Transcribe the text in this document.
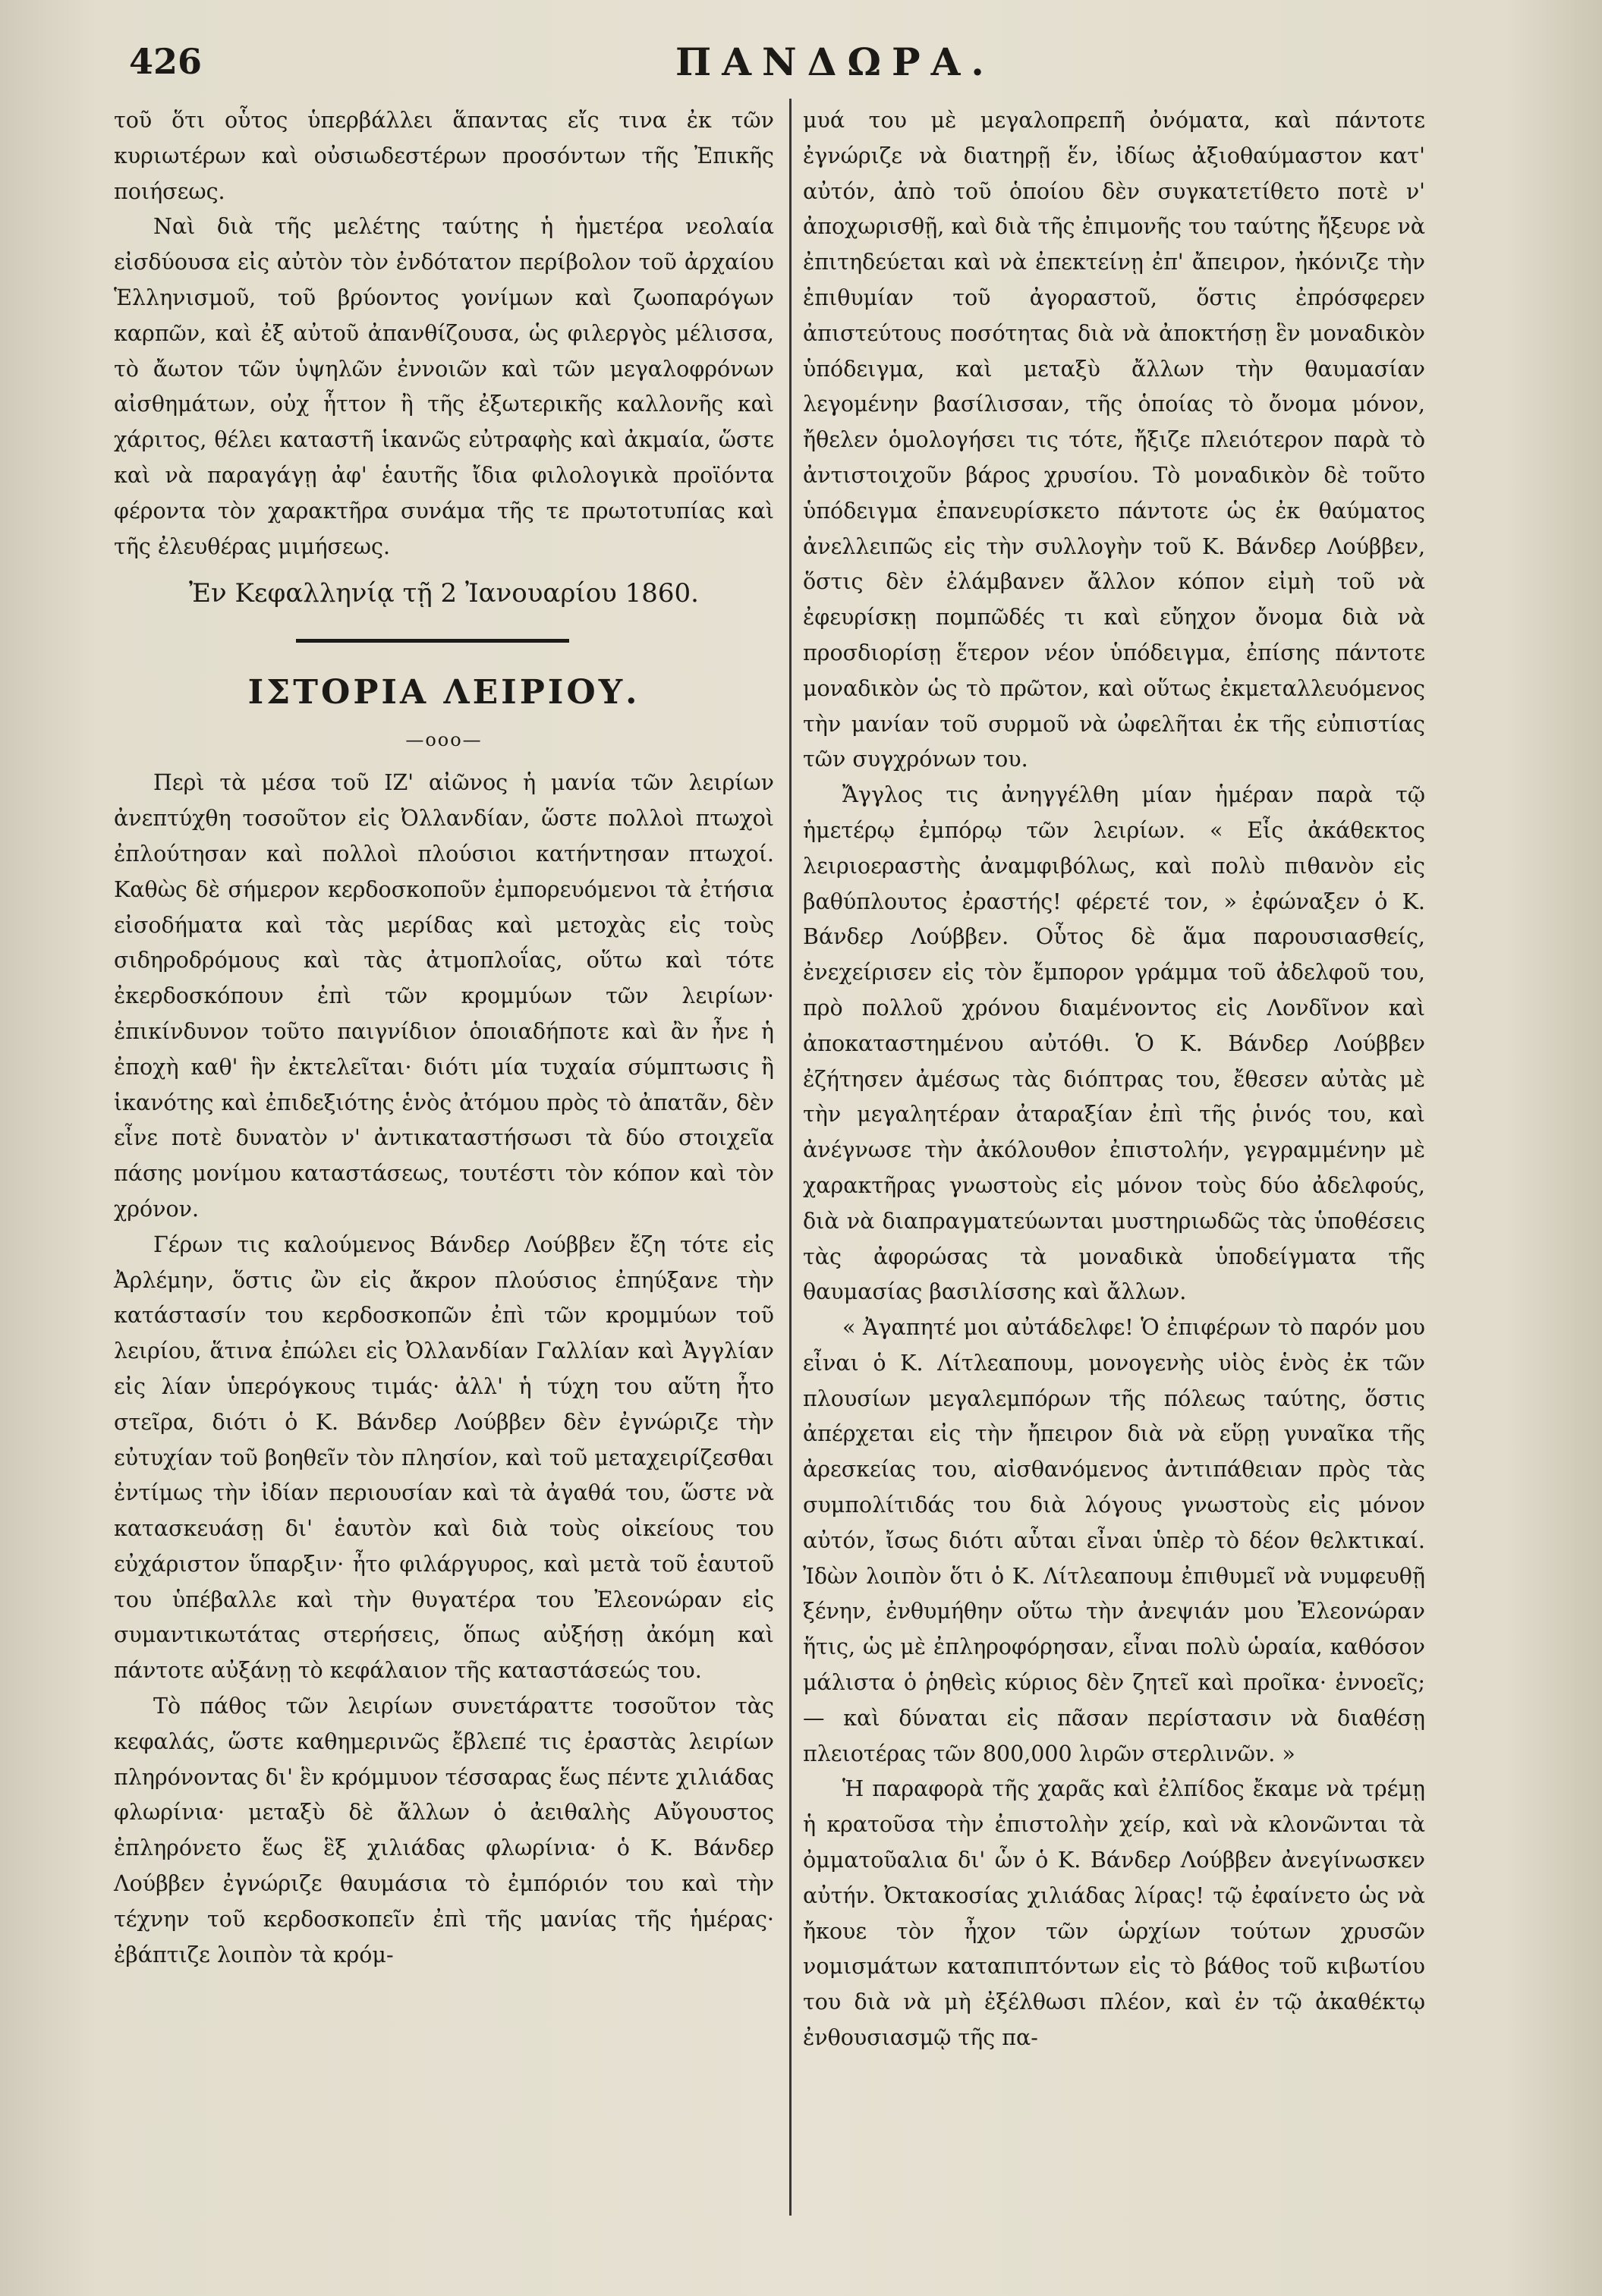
426	ΠΑΝΔΩΡΑ.

τοῦ ὅτι οὗτος ὑπερβάλλει ἅπαντας εἴς τινα ἐκ τῶν κυριωτέρων καὶ οὐσιωδεστέρων προσόντων τῆς Ἐπικῆς ποιήσεως.

Ναὶ διὰ τῆς μελέτης ταύτης ἡ ἡμετέρα νεολαία εἰσδύουσα εἰς αὐτὸν τὸν ἐνδότατον περίβολον τοῦ ἀρχαίου Ἑλληνισμοῦ, τοῦ βρύοντος γονίμων καὶ ζωοπαρόγων καρπῶν, καὶ ἐξ αὐτοῦ ἀπανθίζουσα, ὡς φιλεργὸς μέλισσα, τὸ ἄωτον τῶν ὑψηλῶν ἐννοιῶν καὶ τῶν μεγαλοφρόνων αἰσθημάτων, οὐχ ἧττον ἢ τῆς ἐξωτερικῆς καλλονῆς καὶ χάριτος, θέλει καταστῆ ἱκανῶς εὐτραφὴς καὶ ἀκμαία, ὥστε καὶ νὰ παραγάγῃ ἀφ' ἑαυτῆς ἴδια φιλολογικὰ προϊόντα φέροντα τὸν χαρακτῆρα συνάμα τῆς τε πρωτοτυπίας καὶ τῆς ἐλευθέρας μιμήσεως.

Ἐν Κεφαλληνίᾳ τῇ 2 Ἰανουαρίου 1860.

ΙΣΤΟΡΙΑ ΛΕΙΡΙΟΥ.

—ooo—

Περὶ τὰ μέσα τοῦ ΙΖ' αἰῶνος ἡ μανία τῶν λειρίων ἀνεπτύχθη τοσοῦτον εἰς Ὀλλανδίαν, ὥστε πολλοὶ πτωχοὶ ἐπλούτησαν καὶ πολλοὶ πλούσιοι κατήντησαν πτωχοί. Καθὼς δὲ σήμερον κερδοσκοποῦν ἐμπορευόμενοι τὰ ἐτήσια εἰσοδήματα καὶ τὰς μερίδας καὶ μετοχὰς εἰς τοὺς σιδηροδρόμους καὶ τὰς ἀτμοπλοΐας, οὕτω καὶ τότε ἐκερδοσκόπουν ἐπὶ τῶν κρομμύων τῶν λειρίων· ἐπικίνδυνον τοῦτο παιγνίδιον ὁποιαδήποτε καὶ ἂν ἦνε ἡ ἐποχὴ καθ' ἣν ἐκτελεῖται· διότι μία τυχαία σύμπτωσις ἢ ἱκανότης καὶ ἐπιδεξιότης ἑνὸς ἀτόμου πρὸς τὸ ἀπατᾶν, δὲν εἶνε ποτὲ δυνατὸν ν' ἀντικαταστήσωσι τὰ δύο στοιχεῖα πάσης μονίμου καταστάσεως, τουτέστι τὸν κόπον καὶ τὸν χρόνον.

Γέρων τις καλούμενος Βάνδερ Λούββεν ἔζη τότε εἰς Ἀρλέμην, ὅστις ὢν εἰς ἄκρον πλούσιος ἐπηύξανε τὴν κατάστασίν του κερδοσκοπῶν ἐπὶ τῶν κρομμύων τοῦ λειρίου, ἅτινα ἐπώλει εἰς Ὀλλανδίαν Γαλλίαν καὶ Ἀγγλίαν εἰς λίαν ὑπερόγκους τιμάς· ἀλλ' ἡ τύχη του αὕτη ἦτο στεῖρα, διότι ὁ Κ. Βάνδερ Λούββεν δὲν ἐγνώριζε τὴν εὐτυχίαν τοῦ βοηθεῖν τὸν πλησίον, καὶ τοῦ μεταχειρίζεσθαι ἐντίμως τὴν ἰδίαν περιουσίαν καὶ τὰ ἀγαθά του, ὥστε νὰ κατασκευάσῃ δι' ἑαυτὸν καὶ διὰ τοὺς οἰκείους του εὐχάριστον ὕπαρξιν· ἦτο φιλάργυρος, καὶ μετὰ τοῦ ἑαυτοῦ του ὑπέβαλλε καὶ τὴν θυγατέρα του Ἐλεονώραν εἰς συμαντικωτάτας στερήσεις, ὅπως αὐξήσῃ ἀκόμη καὶ πάντοτε αὐξάνῃ τὸ κεφάλαιον τῆς καταστάσεώς του.

Τὸ πάθος τῶν λειρίων συνετάραττε τοσοῦτον τὰς κεφαλάς, ὥστε καθημερινῶς ἔβλεπέ τις ἐραστὰς λειρίων πληρόνοντας δι' ἓν κρόμμυον τέσσαρας ἕως πέντε χιλιάδας φλωρίνια· μεταξὺ δὲ ἄλλων ὁ ἀειθαλὴς Αὔγουστος ἐπληρόνετο ἕως ἓξ χιλιάδας φλωρίνια· ὁ Κ. Βάνδερ Λούββεν ἐγνώριζε θαυμάσια τὸ ἐμπόριόν του καὶ τὴν τέχνην τοῦ κερδοσκοπεῖν ἐπὶ τῆς μανίας τῆς ἡμέρας· ἐβάπτιζε λοιπὸν τὰ κρόμ-

μυά του μὲ μεγαλοπρεπῆ ὀνόματα, καὶ πάντοτε ἐγνώριζε νὰ διατηρῇ ἕν, ἰδίως ἀξιοθαύμαστον κατ' αὐτόν, ἀπὸ τοῦ ὁποίου δὲν συγκατετίθετο ποτὲ ν' ἀποχωρισθῇ, καὶ διὰ τῆς ἐπιμονῆς του ταύτης ἤξευρε νὰ ἐπιτηδεύεται καὶ νὰ ἐπεκτείνῃ ἐπ' ἄπειρον, ἠκόνιζε τὴν ἐπιθυμίαν τοῦ ἀγοραστοῦ, ὅστις ἐπρόσφερεν ἀπιστεύτους ποσότητας διὰ νὰ ἀποκτήσῃ ἓν μοναδικὸν ὑπόδειγμα, καὶ μεταξὺ ἄλλων τὴν θαυμασίαν λεγομένην βασίλισσαν, τῆς ὁποίας τὸ ὄνομα μόνον, ἤθελεν ὁμολογήσει τις τότε, ἤξιζε πλειότερον παρὰ τὸ ἀντιστοιχοῦν βάρος χρυσίου. Τὸ μοναδικὸν δὲ τοῦτο ὑπόδειγμα ἐπανευρίσκετο πάντοτε ὡς ἐκ θαύματος ἀνελλειπῶς εἰς τὴν συλλογὴν τοῦ Κ. Βάνδερ Λούββεν, ὅστις δὲν ἐλάμβανεν ἄλλον κόπον εἰμὴ τοῦ νὰ ἐφευρίσκῃ πομπῶδές τι καὶ εὔηχον ὄνομα διὰ νὰ προσδιορίσῃ ἕτερον νέον ὑπόδειγμα, ἐπίσης πάντοτε μοναδικὸν ὡς τὸ πρῶτον, καὶ οὕτως ἐκμεταλλευόμενος τὴν μανίαν τοῦ συρμοῦ νὰ ὠφελῆται ἐκ τῆς εὐπιστίας τῶν συγχρόνων του.

Ἄγγλος τις ἀνηγγέλθη μίαν ἡμέραν παρὰ τῷ ἡμετέρῳ ἐμπόρῳ τῶν λειρίων. « Εἷς ἀκάθεκτος λειριοεραστὴς ἀναμφιβόλως, καὶ πολὺ πιθανὸν εἰς βαθύπλουτος ἐραστής! φέρετέ τον, » ἐφώναξεν ὁ Κ. Βάνδερ Λούββεν. Οὗτος δὲ ἅμα παρουσιασθείς, ἐνεχείρισεν εἰς τὸν ἔμπορον γράμμα τοῦ ἀδελφοῦ του, πρὸ πολλοῦ χρόνου διαμένοντος εἰς Λονδῖνον καὶ ἀποκαταστημένου αὐτόθι. Ὁ Κ. Βάνδερ Λούββεν ἐζήτησεν ἀμέσως τὰς διόπτρας του, ἔθεσεν αὐτὰς μὲ τὴν μεγαλητέραν ἀταραξίαν ἐπὶ τῆς ῥινός του, καὶ ἀνέγνωσε τὴν ἀκόλουθον ἐπιστολήν, γεγραμμένην μὲ χαρακτῆρας γνωστοὺς εἰς μόνον τοὺς δύο ἀδελφούς, διὰ νὰ διαπραγματεύωνται μυστηριωδῶς τὰς ὑποθέσεις τὰς ἀφορώσας τὰ μοναδικὰ ὑποδείγματα τῆς θαυμασίας βασιλίσσης καὶ ἄλλων.

« Ἀγαπητέ μοι αὐτάδελφε! Ὁ ἐπιφέρων τὸ παρόν μου εἶναι ὁ Κ. Λίτλεαπουμ, μονογενὴς υἱὸς ἑνὸς ἐκ τῶν πλουσίων μεγαλεμπόρων τῆς πόλεως ταύτης, ὅστις ἀπέρχεται εἰς τὴν ἤπειρον διὰ νὰ εὕρῃ γυναῖκα τῆς ἀρεσκείας του, αἰσθανόμενος ἀντιπάθειαν πρὸς τὰς συμπολίτιδάς του διὰ λόγους γνωστοὺς εἰς μόνον αὐτόν, ἴσως διότι αὗται εἶναι ὑπὲρ τὸ δέον θελκτικαί. Ἰδὼν λοιπὸν ὅτι ὁ Κ. Λίτλεαπουμ ἐπιθυμεῖ νὰ νυμφευθῇ ξένην, ἐνθυμήθην οὕτω τὴν ἀνεψιάν μου Ἐλεονώραν ἥτις, ὡς μὲ ἐπληροφόρησαν, εἶναι πολὺ ὡραία, καθόσον μάλιστα ὁ ῥηθεὶς κύριος δὲν ζητεῖ καὶ προῖκα· ἐννοεῖς; — καὶ δύναται εἰς πᾶσαν περίστασιν νὰ διαθέσῃ πλειοτέρας τῶν 800,000 λιρῶν στερλινῶν. »

Ἡ παραφορὰ τῆς χαρᾶς καὶ ἐλπίδος ἔκαμε νὰ τρέμῃ ἡ κρατοῦσα τὴν ἐπιστολὴν χείρ, καὶ νὰ κλονῶνται τὰ ὀμματοῦαλια δι' ὧν ὁ Κ. Βάνδερ Λούββεν ἀνεγίνωσκεν αὐτήν. Ὀκτακοσίας χιλιάδας λίρας! τῷ ἐφαίνετο ὡς νὰ ἤκουε τὸν ἦχον τῶν ὡρχίων τούτων χρυσῶν νομισμάτων καταπιπτόντων εἰς τὸ βάθος τοῦ κιβωτίου του διὰ νὰ μὴ ἐξέλθωσι πλέον, καὶ ἐν τῷ ἀκαθέκτῳ ἐνθουσιασμῷ τῆς πα-
